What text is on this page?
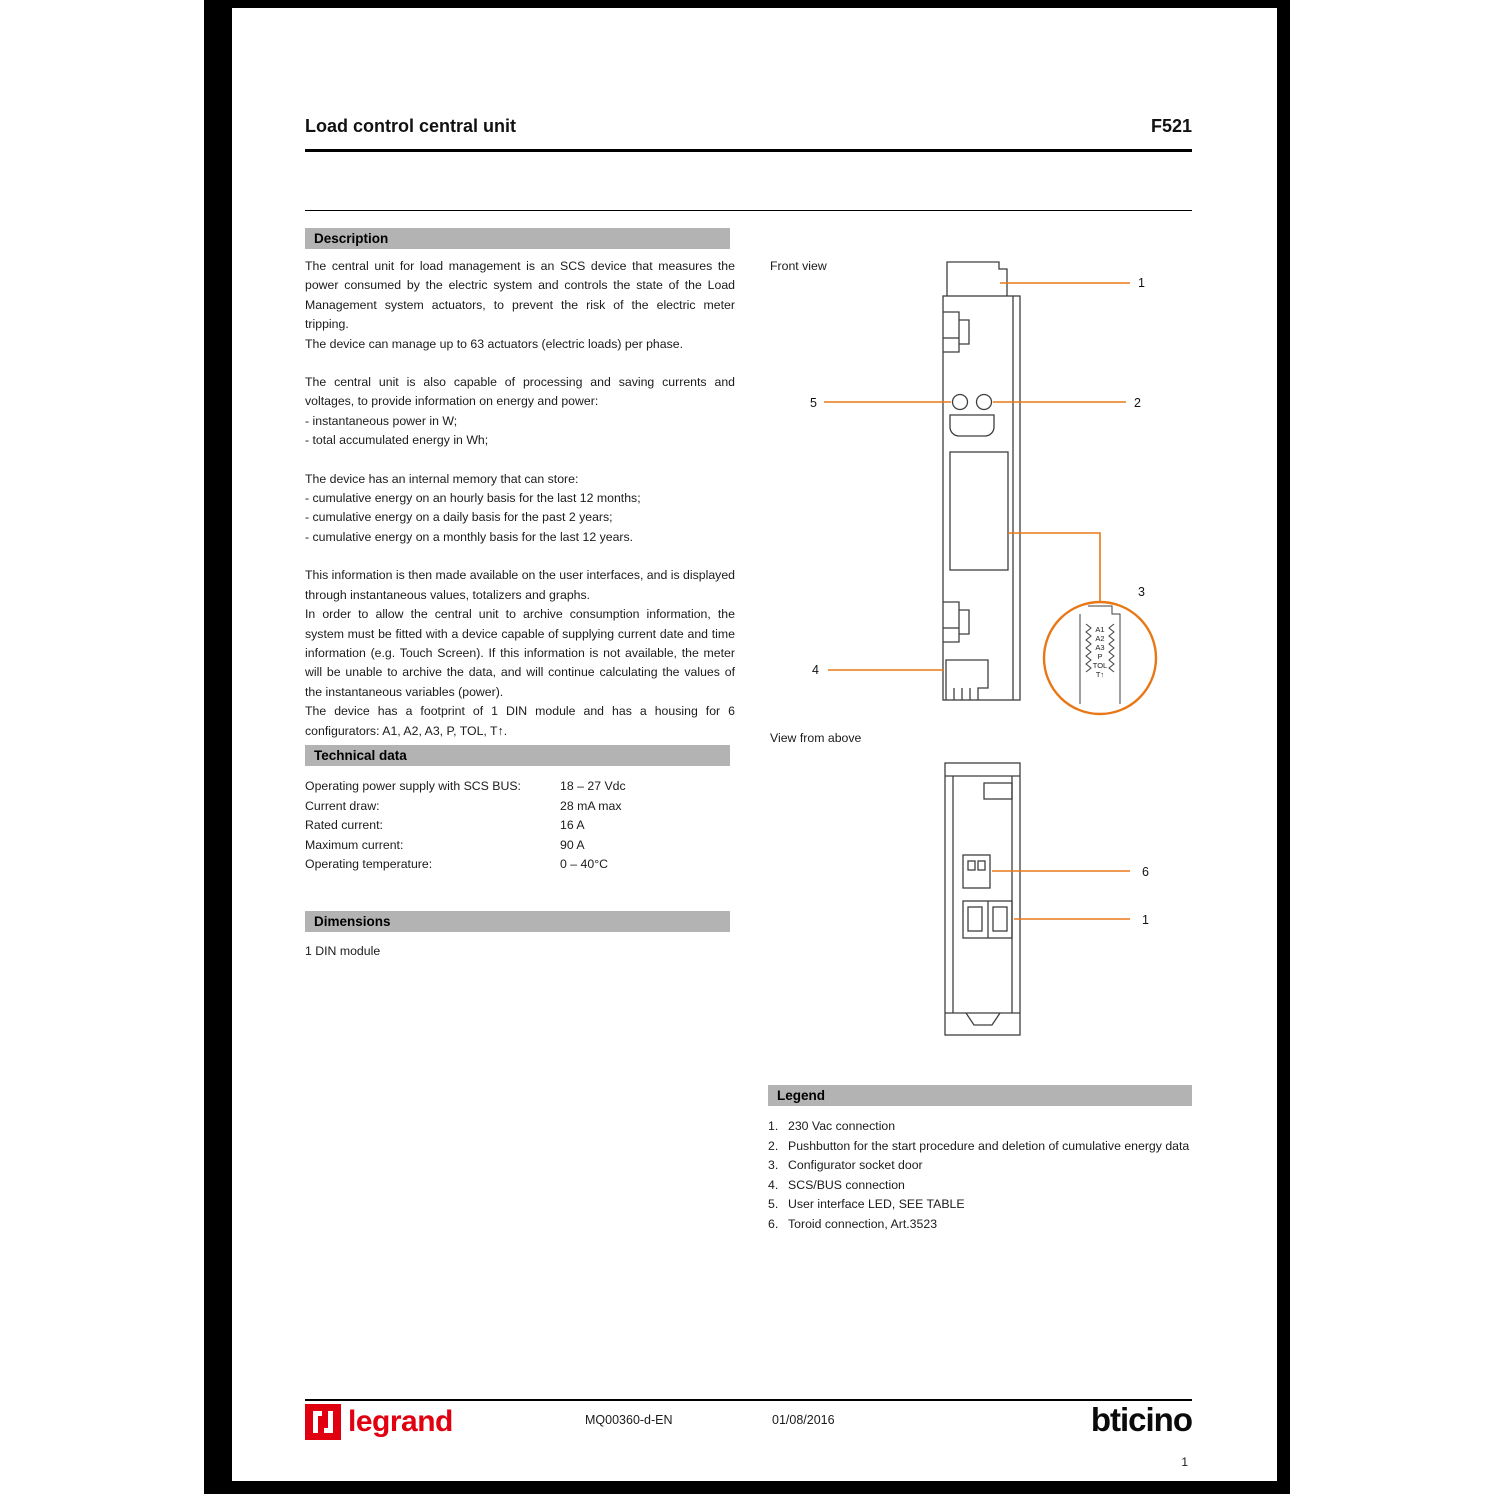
Load control central unit	F521
Description
The central unit for load management is an SCS device that measures the power consumed by the electric system and controls the state of the Load Management system actuators, to prevent the risk of the electric meter tripping.
The device can manage up to 63 actuators (electric loads) per phase.
The central unit is also capable of processing and saving currents and voltages, to provide information on energy and power:
- instantaneous power in W;
- total accumulated energy in Wh;
The device has an internal memory that can store:
- cumulative energy on an hourly basis for the last 12 months;
- cumulative energy on a daily basis for the past 2 years;
- cumulative energy on a monthly basis for the last 12 years.
This information is then made available on the user interfaces, and is displayed through instantaneous values, totalizers and graphs.
In order to allow the central unit to archive consumption information, the system must be fitted with a device capable of supplying current date and time information (e.g. Touch Screen). If this information is not available, the meter will be unable to archive the data, and will continue calculating the values of the instantaneous variables (power).
The device has a footprint of 1 DIN module and has a housing for 6 configurators: A1, A2, A3, P, TOL, T↑.
Technical data
Operating power supply with SCS BUS:	18 – 27 Vdc
Current draw:	28 mA max
Rated current:	16 A
Maximum current:	90 A
Operating temperature:	0 – 40°C
Dimensions
1 DIN module
Front view
A1
A2
A3
P
TOL
T↑
1
5	2
3
4
View from above
6
1
Legend
1. 230 Vac connection
2. Pushbutton for the start procedure and deletion of cumulative energy data
3. Configurator socket door
4. SCS/BUS connection
5. User interface LED, SEE TABLE
6. Toroid connection, Art.3523
legrand	MQ00360-d-EN	01/08/2016	bticino
1
